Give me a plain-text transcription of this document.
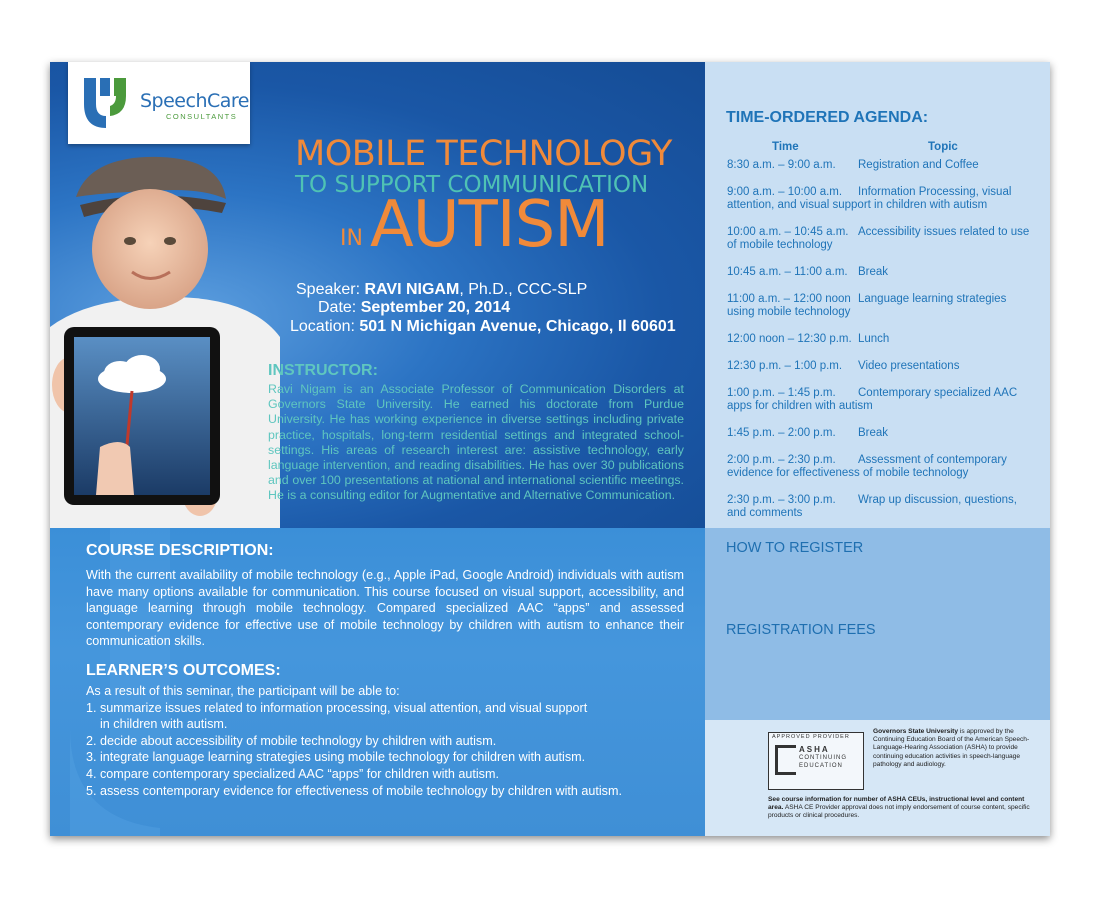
SpeechCare
CONSULTANTS
MOBILE TECHNOLOGY
TO SUPPORT COMMUNICATION
IN AUTISM
Speaker: RAVI NIGAM, Ph.D., CCC-SLP
Date: September 20, 2014
Location: 501 N Michigan Avenue, Chicago, Il 60601
INSTRUCTOR:
Ravi Nigam is an Associate Professor of Communication Disorders at Governors State University. He earned his doctorate from Purdue University. He has working experience in diverse settings including private practice, hospitals, long-term residential settings and integrated school-settings. His areas of research interest are: assistive technology, early language intervention, and reading disabilities. He has over 30 publications and over 100 presentations at national and international scientific meetings. He is a consulting editor for Augmentative and Alternative Communication.
COURSE DESCRIPTION:
With the current availability of mobile technology (e.g., Apple iPad, Google Android) individuals with autism have many options available for communication. This course focused on visual support, accessibility, and language learning through mobile technology. Compared specialized AAC “apps” and assessed contemporary evidence for effective use of mobile technology by children with autism to enhance their communication skills.
LEARNER’S OUTCOMES:
As a result of this seminar, the participant will be able to:
1. summarize issues related to information processing, visual attention, and visual support
in children with autism.
2. decide about accessibility of mobile technology by children with autism.
3. integrate language learning strategies using mobile technology for children with autism.
4. compare contemporary specialized AAC “apps” for children with autism.
5. assess contemporary evidence for effectiveness of mobile technology by children with autism.
TIME-ORDERED AGENDA:
Time	Topic
8:30 a.m. – 9:00 a.m.	Registration and Coffee
9:00 a.m. – 10:00 a.m.	Information Processing, visual
attention, and visual support in children with autism
10:00 a.m. – 10:45 a.m. Accessibility issues related to use
of mobile technology
10:45 a.m. – 11:00 a.m. Break
11:00 a.m. – 12:00 noon Language learning strategies
using mobile technology
12:00 noon – 12:30 p.m. Lunch
12:30 p.m. – 1:00 p.m.	Video presentations
1:00 p.m. – 1:45 p.m.	Contemporary specialized AAC
apps for children with autism
1:45 p.m. – 2:00 p.m.	Break
2:00 p.m. – 2:30 p.m.	Assessment of contemporary
evidence for effectiveness of mobile technology
2:30 p.m. – 3:00 p.m.	Wrap up discussion, questions,
and comments
HOW TO REGISTER
REGISTRATION FEES
APPROVED PROVIDER
ASHA
CONTINUING
EDUCATION
Governors State University is approved by the Continuing Education Board of the American Speech-Language-Hearing Association (ASHA) to provide continuing education activities in speech-language pathology and audiology.
See course information for number of ASHA CEUs, instructional level and content area. ASHA CE Provider approval does not imply endorsement of course content, specific products or clinical procedures.
